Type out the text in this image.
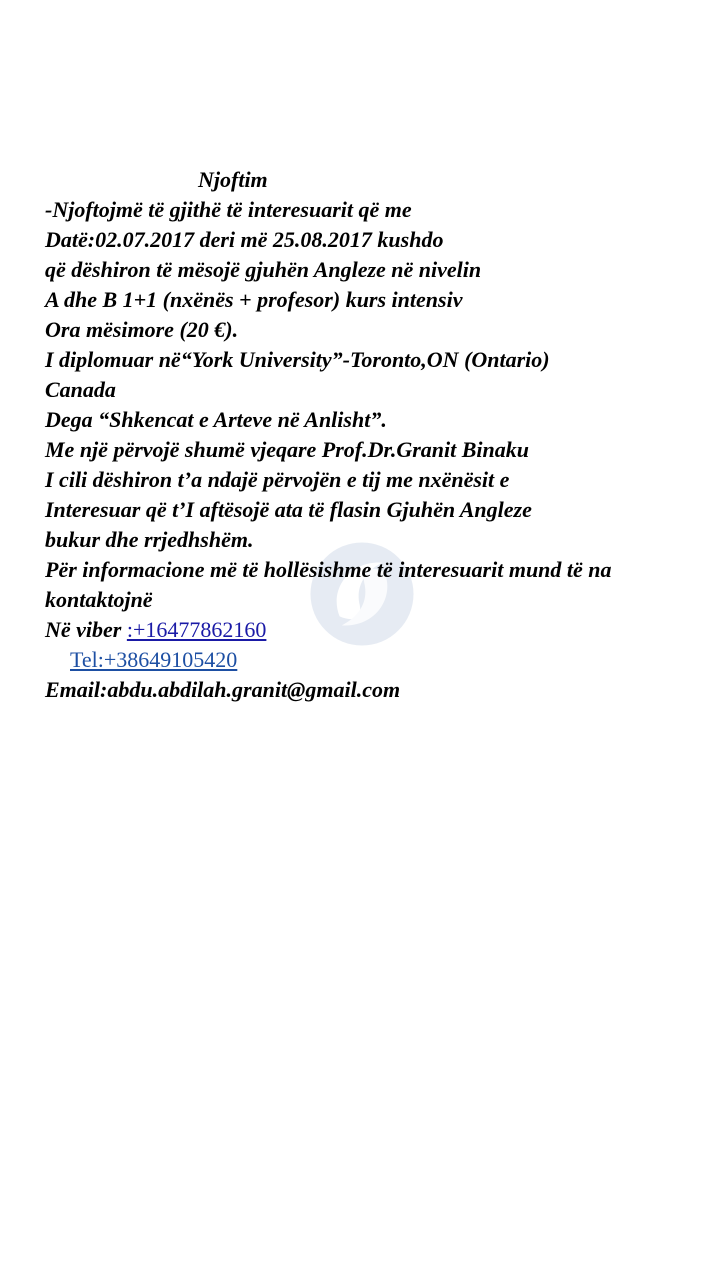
Njoftim
-Njoftojmë të gjithë të interesuarit që me
Datë:02.07.2017 deri më 25.08.2017 kushdo
që dëshiron të mësojë gjuhën Angleze në nivelin
A dhe B 1+1 (nxënës + profesor) kurs intensiv
Ora mësimore (20 €).
I diplomuar në“York University”-Toronto,ON (Ontario)
Canada
Dega “Shkencat e Arteve në Anlisht”.
Me një përvojë shumë vjeqare Prof.Dr.Granit Binaku
I cili dëshiron t’a ndajë përvojën e tij me nxënësit e
Interesuar që t’I aftësojë ata të flasin Gjuhën Angleze
bukur dhe rrjedhshëm.
Për informacione më të hollësishme të interesuarit mund të na
kontaktojnë
Në viber :+16477862160
Tel:+38649105420
Email:abdu.abdilah.granit@gmail.com
